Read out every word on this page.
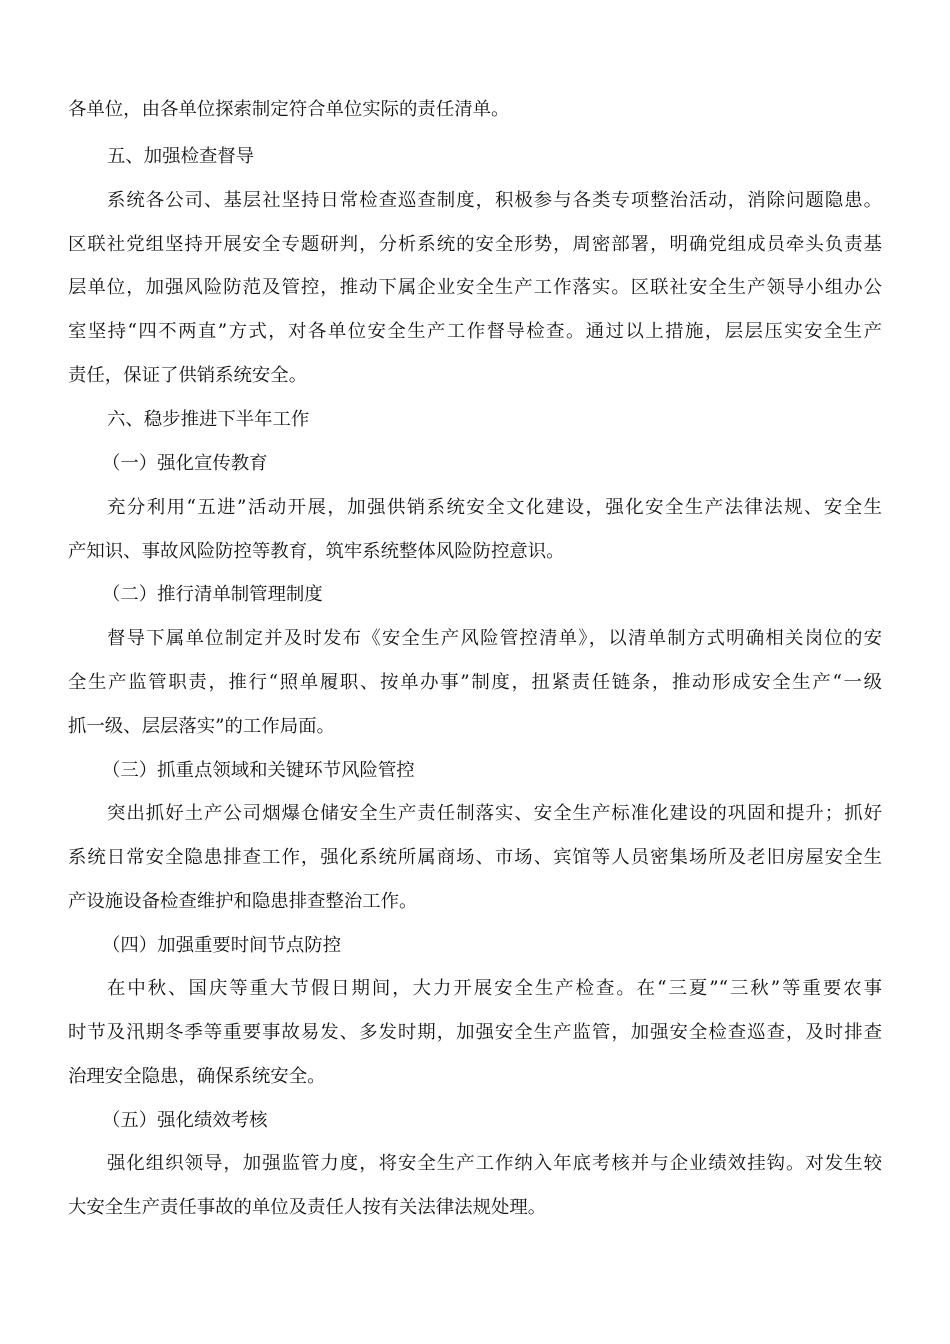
各单位，由各单位探索制定符合单位实际的责任清单。
五、加强检查督导
系统各公司、基层社坚持日常检查巡查制度，积极参与各类专项整治活动，消除问题隐患。
区联社党组坚持开展安全专题研判，分析系统的安全形势，周密部署，明确党组成员牵头负责基
层单位，加强风险防范及管控，推动下属企业安全生产工作落实。区联社安全生产领导小组办公
室坚持“四不两直”方式，对各单位安全生产工作督导检查。通过以上措施，层层压实安全生产
责任，保证了供销系统安全。
六、稳步推进下半年工作
（一）强化宣传教育
充分利用“五进”活动开展，加强供销系统安全文化建设，强化安全生产法律法规、安全生
产知识、事故风险防控等教育，筑牢系统整体风险防控意识。
（二）推行清单制管理制度
督导下属单位制定并及时发布《安全生产风险管控清单》，以清单制方式明确相关岗位的安
全生产监管职责，推行“照单履职、按单办事”制度，扭紧责任链条，推动形成安全生产“一级
抓一级、层层落实”的工作局面。
（三）抓重点领域和关键环节风险管控
突出抓好土产公司烟爆仓储安全生产责任制落实、安全生产标准化建设的巩固和提升；抓好
系统日常安全隐患排查工作，强化系统所属商场、市场、宾馆等人员密集场所及老旧房屋安全生
产设施设备检查维护和隐患排查整治工作。
（四）加强重要时间节点防控
在中秋、国庆等重大节假日期间，大力开展安全生产检查。在“三夏”“三秋”等重要农事
时节及汛期冬季等重要事故易发、多发时期，加强安全生产监管，加强安全检查巡查，及时排查
治理安全隐患，确保系统安全。
（五）强化绩效考核
强化组织领导，加强监管力度，将安全生产工作纳入年底考核并与企业绩效挂钩。对发生较
大安全生产责任事故的单位及责任人按有关法律法规处理。
